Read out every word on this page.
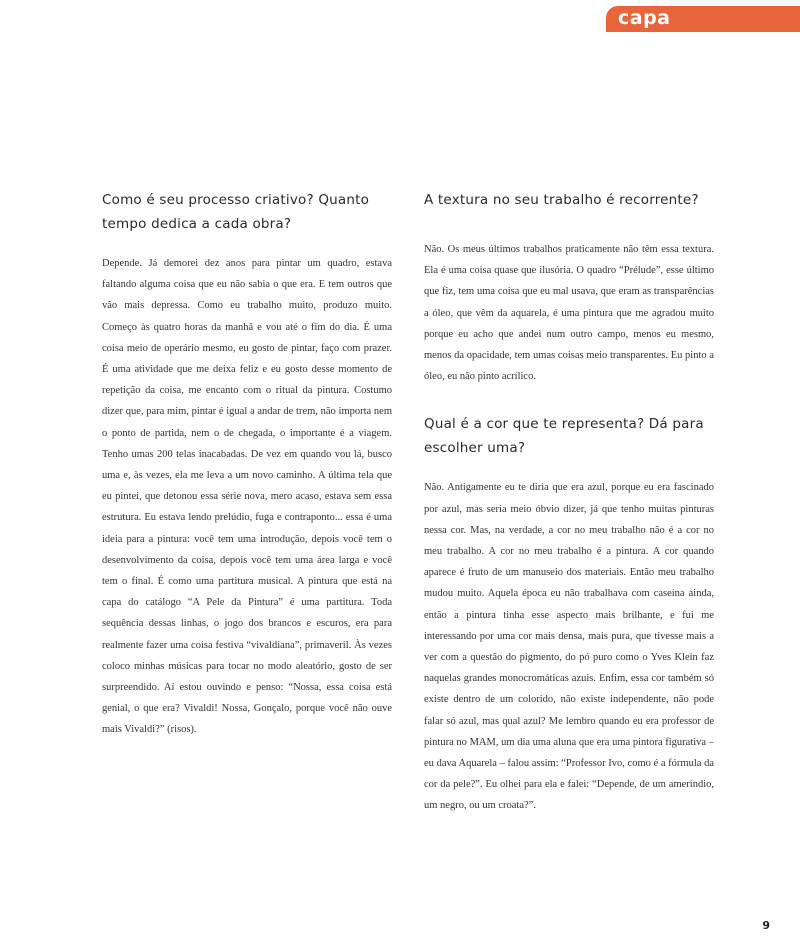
capa
Como é seu processo criativo? Quanto tempo dedica a cada obra?

Depende. Já demorei dez anos para pintar um quadro, estava faltando alguma coisa que eu não sabia o que era. E tem outros que vão mais depressa. Como eu trabalho muito, produzo muito. Começo às quatro horas da manhã e vou até o fim do dia. É uma coisa meio de operário mesmo, eu gosto de pintar, faço com prazer. É uma atividade que me deixa feliz e eu gosto desse momento de repetição da coisa, me encanto com o ritual da pintura. Costumo dizer que, para mim, pintar é igual a andar de trem, não importa nem o ponto de partida, nem o de chegada, o importante é a viagem. Tenho umas 200 telas inacabadas. De vez em quando vou lá, busco uma e, às vezes, ela me leva a um novo caminho. A última tela que eu pintei, que detonou essa série nova, mero acaso, estava sem essa estrutura. Eu estava lendo prelúdio, fuga e contraponto... essa é uma ideia para a pintura: você tem uma introdução, depois você tem o desenvolvimento da coisa, depois você tem uma área larga e você tem o final. É como uma partitura musical. A pintura que está na capa do catálogo “A Pele da Pintura” é uma partitura. Toda sequência dessas linhas, o jogo dos brancos e escuros, era para realmente fazer uma coisa festiva “vivaldiana”, primaveril. Às vezes coloco minhas músicas para tocar no modo aleatório, gosto de ser surpreendido. Aí estou ouvindo e penso: “Nossa, essa coisa está genial, o que era? Vivaldi! Nossa, Gonçalo, porque você não ouve mais Vivaldi?” (risos).

A textura no seu trabalho é recorrente?

Não. Os meus últimos trabalhos praticamente não têm essa textura. Ela é uma coisa quase que ilusória. O quadro “Prélude”, esse último que fiz, tem uma coisa que eu mal usava, que eram as transparências a óleo, que vêm da aquarela, é uma pintura que me agradou muito porque eu acho que andei num outro campo, menos eu mesmo, menos da opacidade, tem umas coisas meio transparentes. Eu pinto a óleo, eu não pinto acrílico.

Qual é a cor que te representa? Dá para escolher uma?

Não. Antigamente eu te diria que era azul, porque eu era fascinado por azul, mas seria meio óbvio dizer, já que tenho muitas pinturas nessa cor. Mas, na verdade, a cor no meu trabalho não é a cor no meu trabalho. A cor no meu trabalho é a pintura. A cor quando aparece é fruto de um manuseio dos materiais. Então meu trabalho mudou muito. Aquela época eu não trabalhava com caseína ainda, então a pintura tinha esse aspecto mais brilhante, e fui me interessando por uma cor mais densa, mais pura, que tivesse mais a ver com a questão do pigmento, do pó puro como o Yves Klein faz naquelas grandes monocromáticas azuis. Enfim, essa cor também só existe dentro de um colorido, não existe independente, não pode falar só azul, mas qual azul? Me lembro quando eu era professor de pintura no MAM, um dia uma aluna que era uma pintora figurativa – eu dava Aquarela – falou assim: “Professor Ivo, como é a fórmula da cor da pele?”. Eu olhei para ela e falei: “Depende, de um ameríndio, um negro, ou um croata?”.

9
